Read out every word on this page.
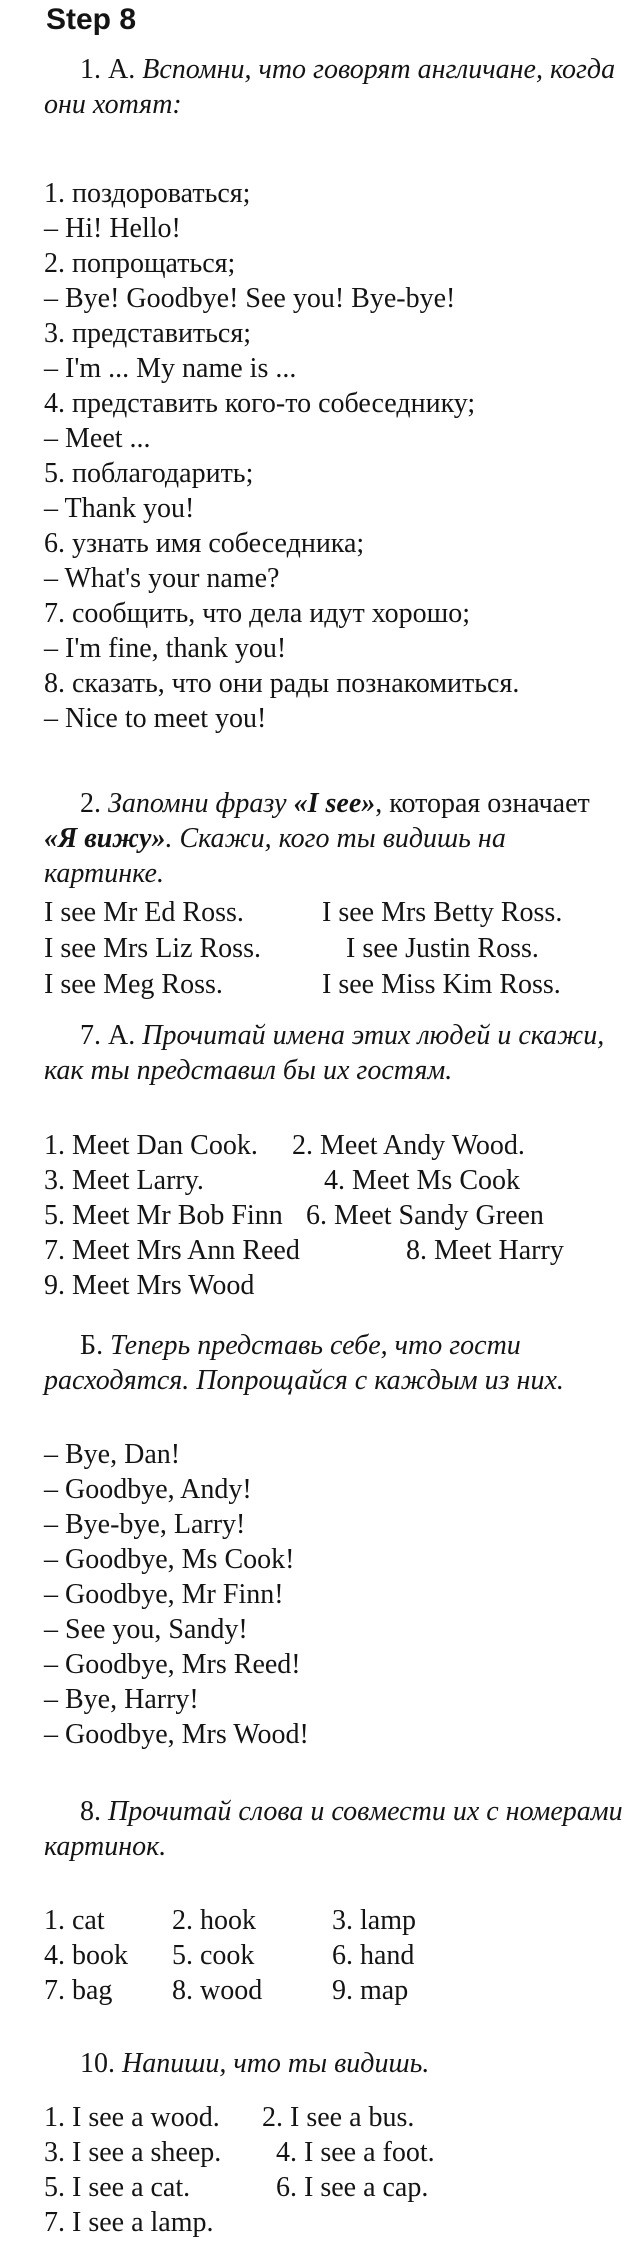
Step 8

1. А. Вспомни, что говорят англичане, когда они хотят:

1. поздороваться;

– Hi! Hello!

2. попрощаться;

– Bye! Goodbye! See you! Bye-bye!

3. представиться;

– I'm ... My name is ...

4. представить кого-то собеседнику;

– Meet ...

5. поблагодарить;

– Thank you!

6. узнать имя собеседника;

– What's your name?

7. сообщить, что дела идут хорошо;

– I'm fine, thank you!

8. сказать, что они рады познакомиться.

– Nice to meet you!

2. Запомни фразу «I see», которая означает «Я вижу». Скажи, кого ты видишь на картинке.

I see Mr Ed Ross.	I see Mrs Betty Ross.
I see Mrs Liz Ross.	I see Justin Ross.
I see Meg Ross.	I see Miss Kim Ross.

7. А. Прочитай имена этих людей и скажи, как ты представил бы их гостям.

1. Meet Dan Cook. 2. Meet Andy Wood.
3. Meet Larry.	4. Meet Ms Cook
5. Meet Mr Bob Finn 6. Meet Sandy Green
7. Meet Mrs Ann Reed	8. Meet Harry
9. Meet Mrs Wood

Б. Теперь представь себе, что гости расходятся. Попрощайся с каждым из них.

– Bye, Dan!

– Goodbye, Andy!

– Bye-bye, Larry!

– Goodbye, Ms Cook!

– Goodbye, Mr Finn!

– See you, Sandy!

– Goodbye, Mrs Reed!

– Bye, Harry!

– Goodbye, Mrs Wood!

8. Прочитай слова и совмести их с номерами картинок.

1. cat 2. hook	3. lamp
4. book 5. cook	6. hand
7. bag 8. wood 9. map

10. Напиши, что ты видишь.

1. I see a wood. 2. I see a bus.
3. I see a sheep. 4. I see a foot.
5. I see a cat.	6. I see a cap.
7. I see a lamp.
